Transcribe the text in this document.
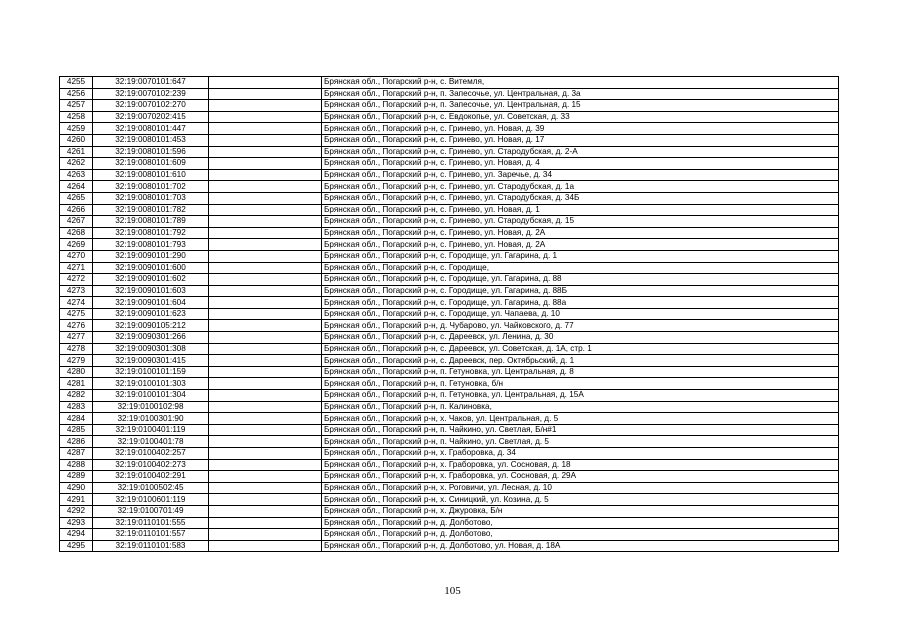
4255	32:19:0070101:647		Брянская обл., Погарский р-н, с. Витемля,
4256	32:19:0070102:239		Брянская обл., Погарский р-н, п. Запесочье, ул. Центральная, д. 3а
4257	32:19:0070102:270		Брянская обл., Погарский р-н, п. Запесочье, ул. Центральная, д. 15
4258	32:19:0070202:415		Брянская обл., Погарский р-н, с. Евдокопье, ул. Советская, д. 33
4259	32:19:0080101:447		Брянская обл., Погарский р-н, с. Гринево, ул. Новая, д. 39
4260	32:19:0080101:453		Брянская обл., Погарский р-н, с. Гринево, ул. Новая, д. 17
4261	32:19:0080101:596		Брянская обл., Погарский р-н, с. Гринево, ул. Стародубская, д. 2-А
4262	32:19:0080101:609		Брянская обл., Погарский р-н, с. Гринево, ул. Новая, д. 4
4263	32:19:0080101:610		Брянская обл., Погарский р-н, с. Гринево, ул. Заречье, д. 34
4264	32:19:0080101:702		Брянская обл., Погарский р-н, с. Гринево, ул. Стародубская, д. 1а
4265	32:19:0080101:703		Брянская обл., Погарский р-н, с. Гринево, ул. Стародубская, д. 34Б
4266	32:19:0080101:782		Брянская обл., Погарский р-н, с. Гринево, ул. Новая, д. 1
4267	32:19:0080101:789		Брянская обл., Погарский р-н, с. Гринево, ул. Стародубская, д. 15
4268	32:19:0080101:792		Брянская обл., Погарский р-н, с. Гринево, ул. Новая, д. 2А
4269	32:19:0080101:793		Брянская обл., Погарский р-н, с. Гринево, ул. Новая, д. 2А
4270	32:19:0090101:290		Брянская обл., Погарский р-н, с. Городище, ул. Гагарина, д. 1
4271	32:19:0090101:600		Брянская обл., Погарский р-н, с. Городище,
4272	32:19:0090101:602		Брянская обл., Погарский р-н, с. Городище, ул. Гагарина, д. 88
4273	32:19:0090101:603		Брянская обл., Погарский р-н, с. Городище, ул. Гагарина, д. 88Б
4274	32:19:0090101:604		Брянская обл., Погарский р-н, с. Городище, ул. Гагарина, д. 88а
4275	32:19:0090101:623		Брянская обл., Погарский р-н, с. Городище, ул. Чапаева, д. 10
4276	32:19:0090105:212		Брянская обл., Погарский р-н, д. Чубарово, ул. Чайковского, д. 77
4277	32:19:0090301:266		Брянская обл., Погарский р-н, с. Дареевск, ул. Ленина, д. 30
4278	32:19:0090301:308		Брянская обл., Погарский р-н, с. Дареевск, ул. Советская, д. 1А, стр. 1
4279	32:19:0090301:415		Брянская обл., Погарский р-н, с. Дареевск, пер. Октябрьский, д. 1
4280	32:19:0100101:159		Брянская обл., Погарский р-н, п. Гетуновка, ул. Центральная, д. 8
4281	32:19:0100101:303		Брянская обл., Погарский р-н, п. Гетуновка, б/н
4282	32:19:0100101:304		Брянская обл., Погарский р-н, п. Гетуновка, ул. Центральная, д. 15А
4283	32:19:0100102:98		Брянская обл., Погарский р-н, п. Калиновка,
4284	32:19:0100301:90		Брянская обл., Погарский р-н, х. Чаков, ул. Центральная, д. 5
4285	32:19:0100401:119		Брянская обл., Погарский р-н, п. Чайкино, ул. Светлая, Б/н#1
4286	32:19:0100401:78		Брянская обл., Погарский р-н, п. Чайкино, ул. Светлая, д. 5
4287	32:19:0100402:257		Брянская обл., Погарский р-н, х. Граборовка, д. 34
4288	32:19:0100402:273		Брянская обл., Погарский р-н, х. Граборовка, ул. Сосновая, д. 18
4289	32:19:0100402:291		Брянская обл., Погарский р-н, х. Граборовка, ул. Сосновая, д. 29А
4290	32:19:0100502:45		Брянская обл., Погарский р-н, х. Роговичи, ул. Лесная, д. 10
4291	32:19:0100601:119		Брянская обл., Погарский р-н, х. Синицкий, ул. Козина, д. 5
4292	32:19:0100701:49		Брянская обл., Погарский р-н, х. Джуровка, Б/н
4293	32:19:0110101:555		Брянская обл., Погарский р-н, д. Долботово,
4294	32:19:0110101:557		Брянская обл., Погарский р-н, д. Долботово,
4295	32:19:0110101:583		Брянская обл., Погарский р-н, д. Долботово, ул. Новая, д. 18А
105
